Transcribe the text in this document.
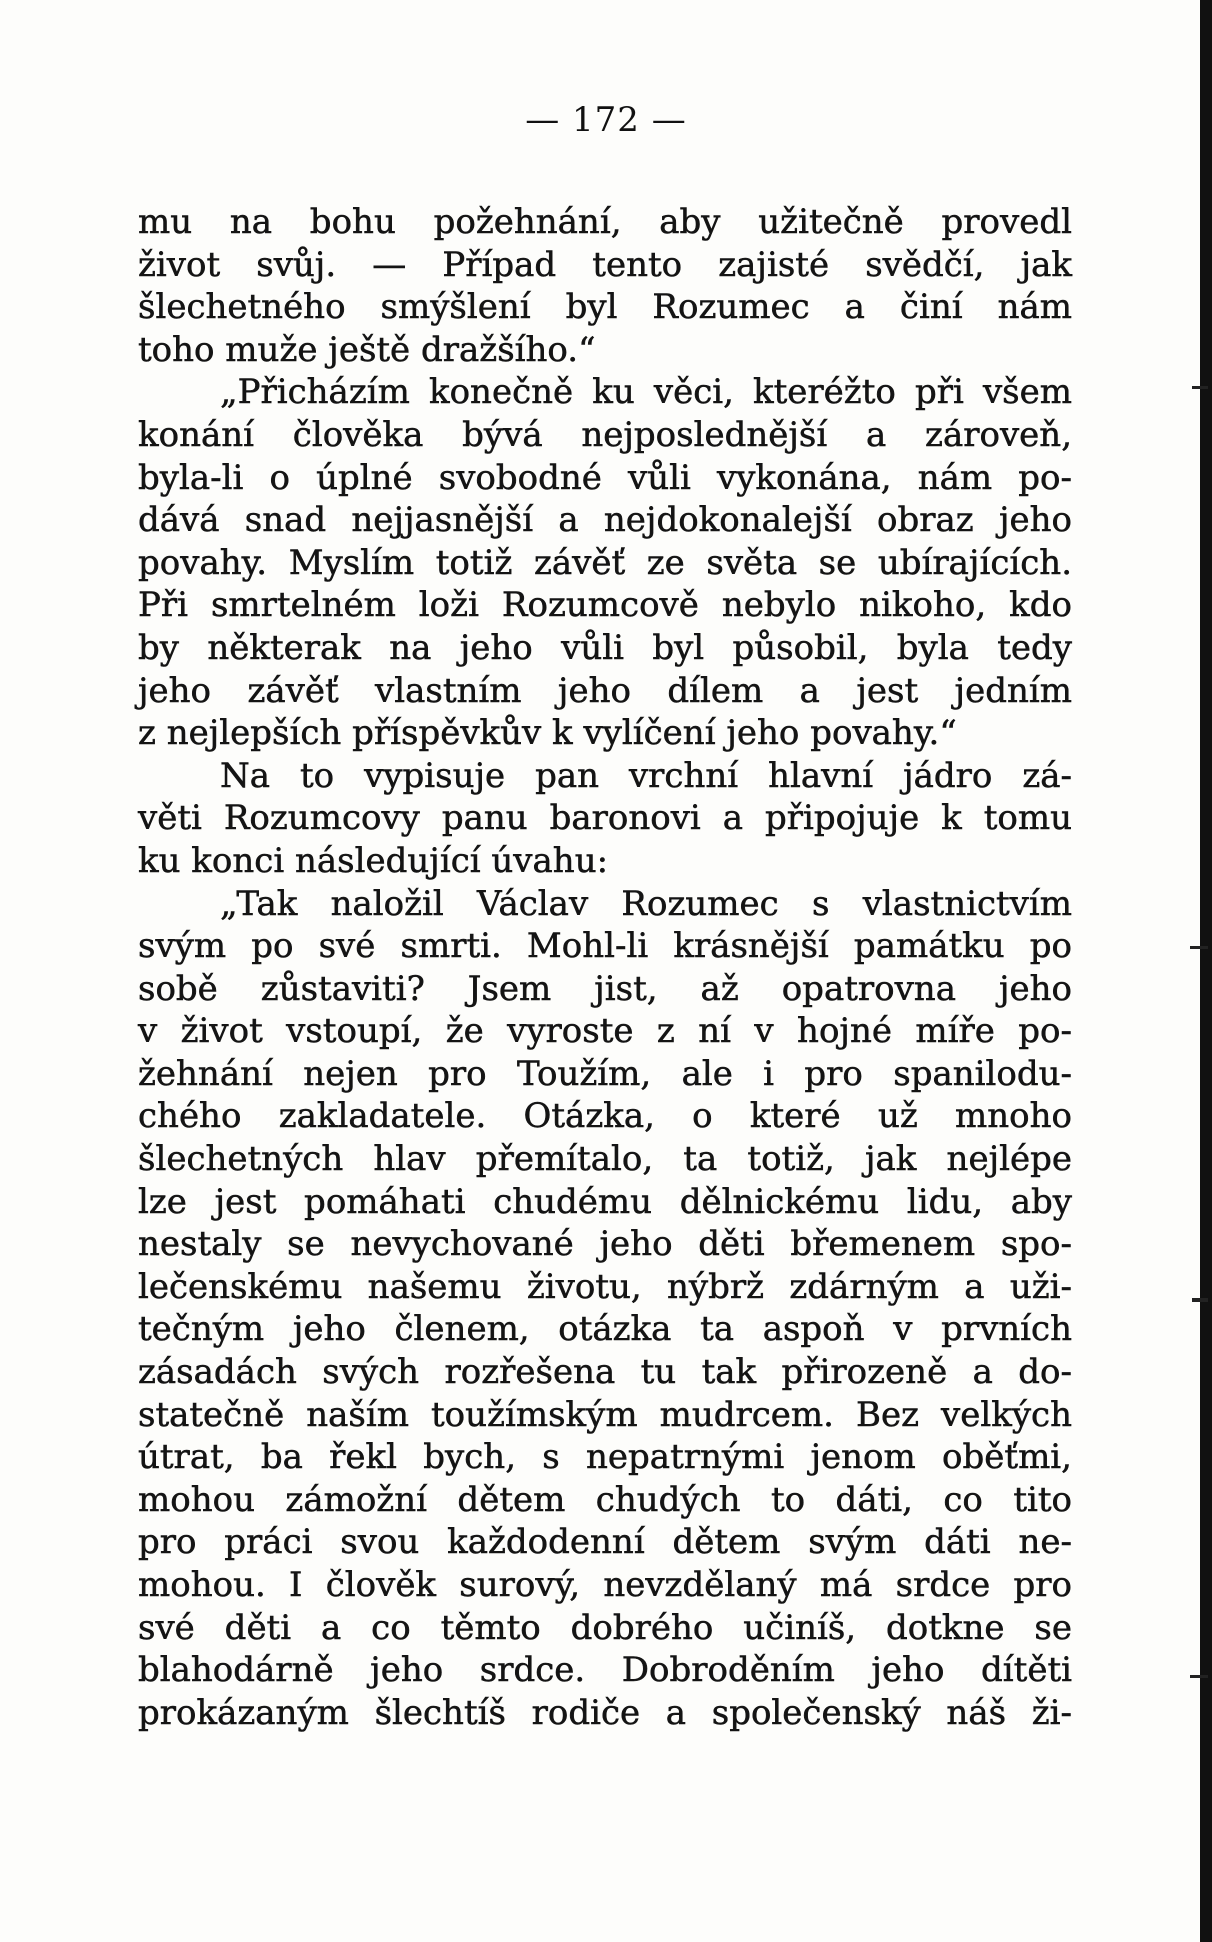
— 172 —
mu na bohu požehnání, aby užitečně provedl
život svůj. — Případ tento zajisté svědčí, jak
šlechetného smýšlení byl Rozumec a činí nám
toho muže ještě dražšího.“
„Přicházím konečně ku věci, kteréžto při všem
konání člověka bývá nejposlednější a zároveň,
byla-li o úplné svobodné vůli vykonána, nám po-
dává snad nejjasnější a nejdokonalejší obraz jeho
povahy. Myslím totiž závěť ze světa se ubírajících.
Při smrtelném loži Rozumcově nebylo nikoho, kdo
by některak na jeho vůli byl působil, byla tedy
jeho závěť vlastním jeho dílem a jest jedním
z nejlepších příspěvkův k vylíčení jeho povahy.“
Na to vypisuje pan vrchní hlavní jádro zá-
věti Rozumcovy panu baronovi a připojuje k tomu
ku konci následující úvahu:
„Tak naložil Václav Rozumec s vlastnictvím
svým po své smrti. Mohl-li krásnější památku po
sobě zůstaviti? Jsem jist, až opatrovna jeho
v život vstoupí, že vyroste z ní v hojné míře po-
žehnání nejen pro Toužím, ale i pro spanilodu-
chého zakladatele. Otázka, o které už mnoho
šlechetných hlav přemítalo, ta totiž, jak nejlépe
lze jest pomáhati chudému dělnickému lidu, aby
nestaly se nevychované jeho děti břemenem spo-
lečenskému našemu životu, nýbrž zdárným a uži-
tečným jeho členem, otázka ta aspoň v prvních
zásadách svých rozřešena tu tak přirozeně a do-
statečně naším toužímským mudrcem. Bez velkých
útrat, ba řekl bych, s nepatrnými jenom oběťmi,
mohou zámožní dětem chudých to dáti, co tito
pro práci svou každodenní dětem svým dáti ne-
mohou. I člověk surový, nevzdělaný má srdce pro
své děti a co těmto dobrého učiníš, dotkne se
blahodárně jeho srdce. Dobroděním jeho dítěti
prokázaným šlechtíš rodiče a společenský náš ži-
